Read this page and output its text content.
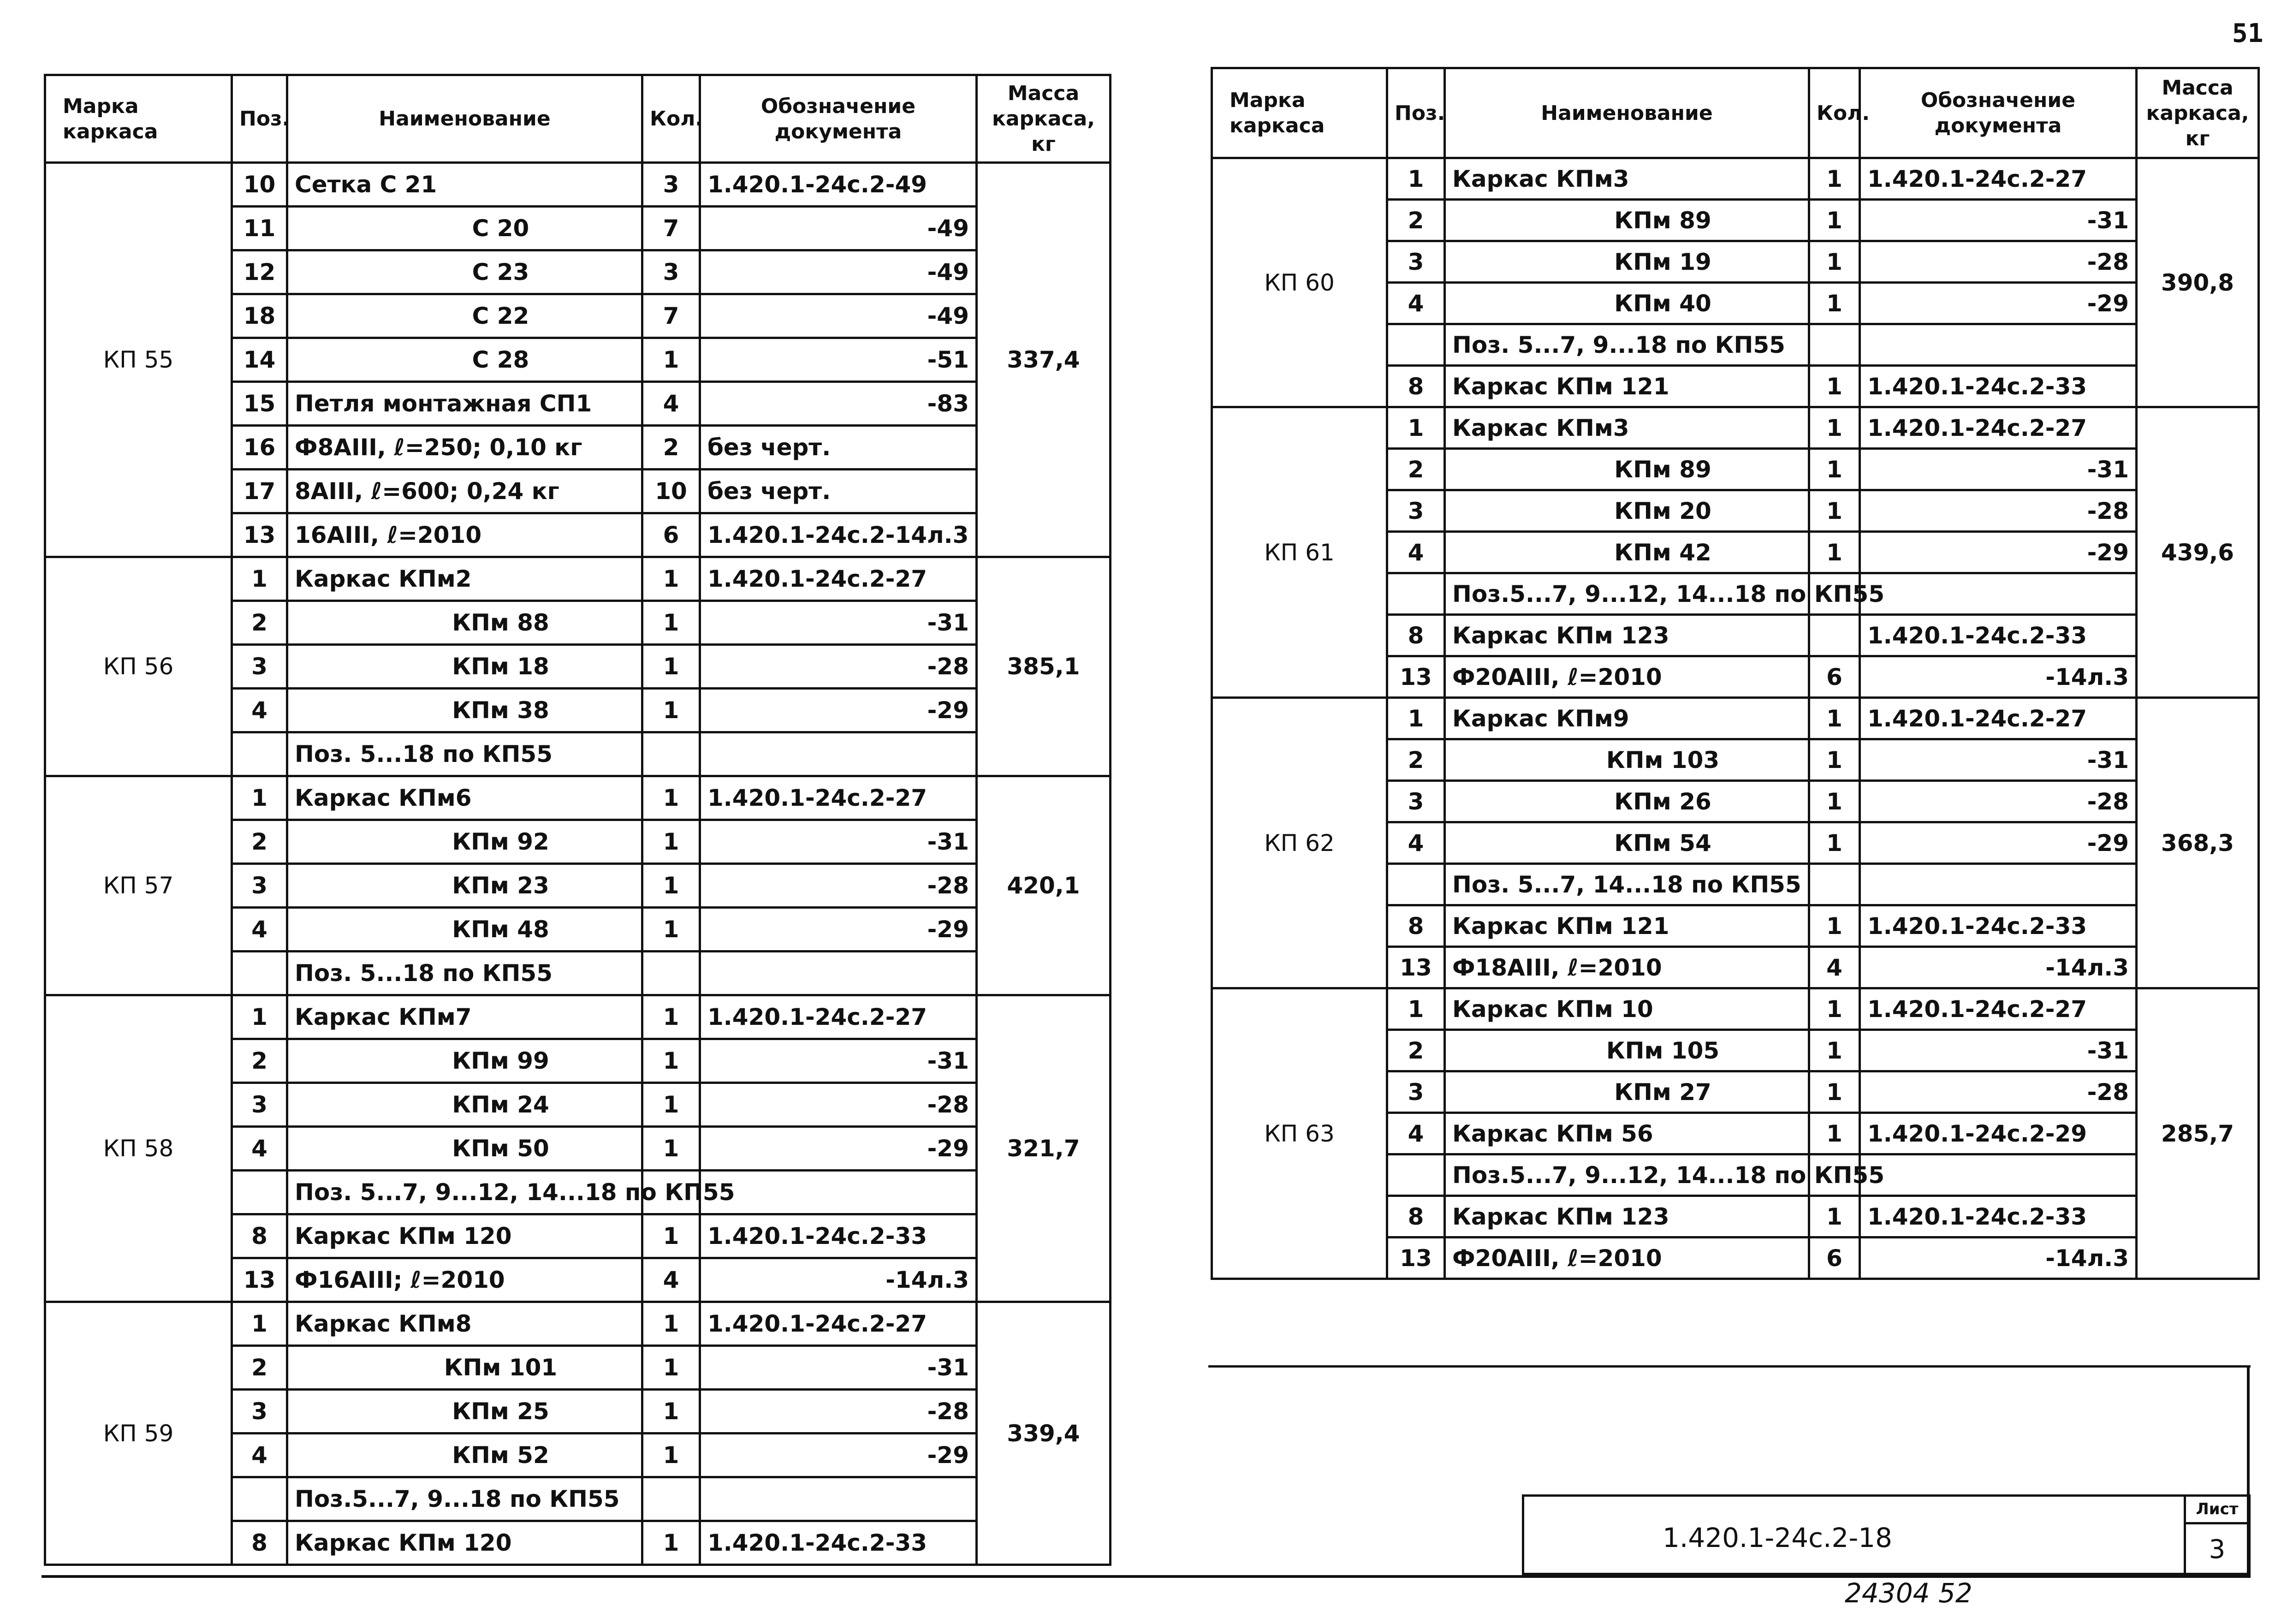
51
Марка каркаса	Поз.	Наименование	Кол.	Обозначение документа	Масса каркаса, кг
КП 55	10	Сетка С 21	3	1.420.1-24с.2-49	337,4
	11	С 20	7	-49	
	12	С 23	3	-49	
	18	С 22	7	-49	
	14	С 28	1	-51	
	15	Петля монтажная СП1	4	-83	
	16	Ф8АIII, ℓ=250; 0,10 кг	2	без черт.	
	17	8АIII, ℓ=600; 0,24 кг	10	без черт.	
	13	16АIII, ℓ=2010	6	1.420.1-24с.2-14л.3	
КП 56	1	Каркас КПм2	1	1.420.1-24с.2-27	385,1
	2	КПм 88	1	-31	
	3	КПм 18	1	-28	
	4	КПм 38	1	-29	
		Поз. 5...18 по КП55			
КП 57	1	Каркас КПм6	1	1.420.1-24с.2-27	420,1
	2	КПм 92	1	-31	
	3	КПм 23	1	-28	
	4	КПм 48	1	-29	
		Поз. 5...18 по КП55			
КП 58	1	Каркас КПм7	1	1.420.1-24с.2-27	321,7
	2	КПм 99	1	-31	
	3	КПм 24	1	-28	
	4	КПм 50	1	-29	
		Поз. 5...7, 9...12, 14...18 по КП55			
	8	Каркас КПм 120	1	1.420.1-24с.2-33	
	13	Ф16АIII; ℓ=2010	4	-14л.3	
КП 59	1	Каркас КПм8	1	1.420.1-24с.2-27	339,4
	2	КПм 101	1	-31	
	3	КПм 25	1	-28	
	4	КПм 52	1	-29	
		Поз.5...7, 9...18 по КП55			
	8	Каркас КПм 120	1	1.420.1-24с.2-33	
Марка каркаса	Поз.	Наименование	Кол.	Обозначение документа	Масса каркаса, кг
КП 60	1	Каркас КПм3	1	1.420.1-24с.2-27	390,8
	2	КПм 89	1	-31	
	3	КПм 19	1	-28	
	4	КПм 40	1	-29	
		Поз. 5...7, 9...18 по КП55			
	8	Каркас КПм 121	1	1.420.1-24с.2-33	
КП 61	1	Каркас КПм3	1	1.420.1-24с.2-27	439,6
	2	КПм 89	1	-31	
	3	КПм 20	1	-28	
	4	КПм 42	1	-29	
		Поз.5...7, 9...12, 14...18 по КП55			
	8	Каркас КПм 123		1.420.1-24с.2-33	
	13	Ф20АIII, ℓ=2010	6	-14л.3	
КП 62	1	Каркас КПм9	1	1.420.1-24с.2-27	368,3
	2	КПм 103	1	-31	
	3	КПм 26	1	-28	
	4	КПм 54	1	-29	
		Поз. 5...7, 14...18 по КП55			
	8	Каркас КПм 121	1	1.420.1-24с.2-33	
	13	Ф18АIII, ℓ=2010	4	-14л.3	
КП 63	1	Каркас КПм 10	1	1.420.1-24с.2-27	285,7
	2	КПм 105	1	-31	
	3	КПм 27	1	-28	
	4	Каркас КПм 56	1	1.420.1-24с.2-29	
		Поз.5...7, 9...12, 14...18 по КП55			
	8	Каркас КПм 123	1	1.420.1-24с.2-33	
	13	Ф20АIII, ℓ=2010	6	-14л.3	
1.420.1-24с.2-18
Лист
3
24304 52
